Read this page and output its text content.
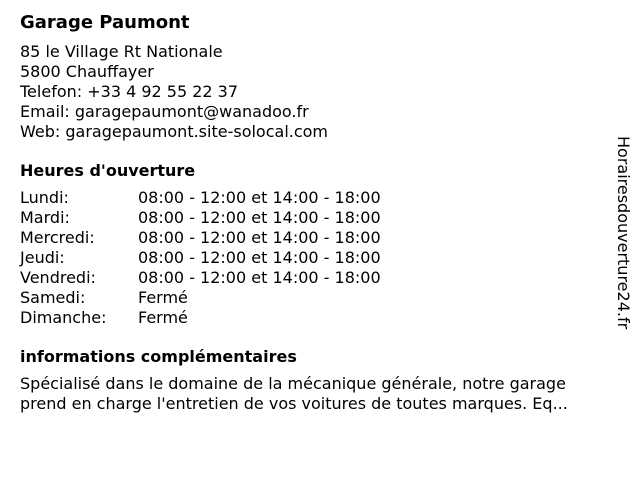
Garage Paumont
85 le Village Rt Nationale
5800 Chauffayer
Telefon: +33 4 92 55 22 37
Email: garagepaumont@wanadoo.fr
Web: garagepaumont.site-solocal.com
Heures d'ouverture
Lundi:	08:00 - 12:00 et 14:00 - 18:00
Mardi:	08:00 - 12:00 et 14:00 - 18:00
Mercredi:	08:00 - 12:00 et 14:00 - 18:00
Jeudi:	08:00 - 12:00 et 14:00 - 18:00
Vendredi:	08:00 - 12:00 et 14:00 - 18:00
Samedi:	Fermé
Dimanche:	Fermé
informations complémentaires
Spécialisé dans le domaine de la mécanique générale, notre garage prend en charge l'entretien de vos voitures de toutes marques. Eq...
Horairesdouverture24.fr
